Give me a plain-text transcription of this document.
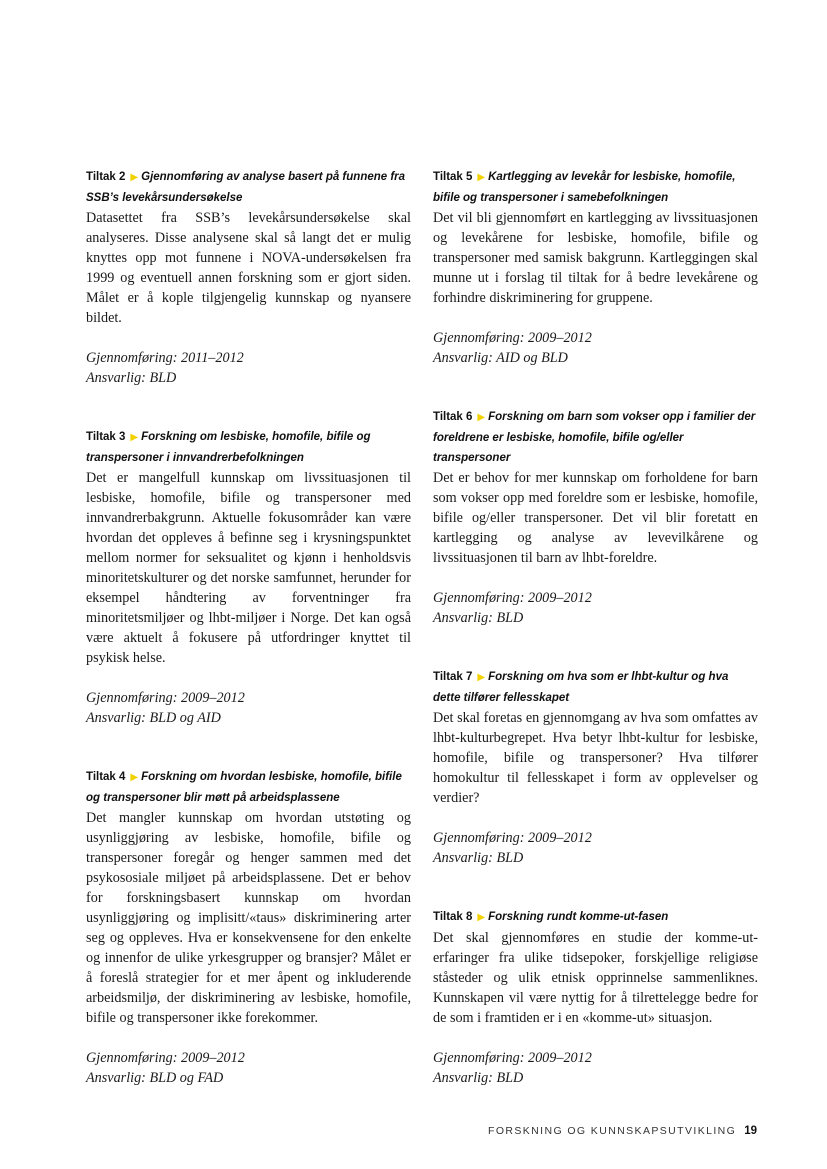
Tiltak 2 ▶ Gjennomføring av analyse basert på funnene fra SSB’s levekårsundersøkelse

Datasettet fra SSB’s levekårsundersøkelse skal analyseres. Disse analysene skal så langt det er mulig knyttes opp mot funnene i NOVA-undersøkelsen fra 1999 og eventuell annen forskning som er gjort siden. Målet er å kople tilgjengelig kunnskap og nyansere bildet.

Gjennomføring: 2011–2012
Ansvarlig: BLD

Tiltak 3 ▶ Forskning om lesbiske, homofile, bifile og transpersoner i innvandrerbefolkningen

Det er mangelfull kunnskap om livssituasjonen til lesbiske, homofile, bifile og transpersoner med innvandrerbakgrunn. Aktuelle fokusområder kan være hvordan det oppleves å befinne seg i krysningspunktet mellom normer for seksualitet og kjønn i henholdsvis minoritetskulturer og det norske samfunnet, herunder for eksempel håndtering av forventninger fra minoritetsmiljøer og lhbt-miljøer i Norge. Det kan også være aktuelt å fokusere på utfordringer knyttet til psykisk helse.

Gjennomføring: 2009–2012
Ansvarlig: BLD og AID

Tiltak 4 ▶ Forskning om hvordan lesbiske, homofile, bifile og transpersoner blir møtt på arbeidsplassene

Det mangler kunnskap om hvordan utstøting og usynliggjøring av lesbiske, homofile, bifile og transpersoner foregår og henger sammen med det psykososiale miljøet på arbeidsplassene. Det er behov for forskningsbasert kunnskap om hvordan usynliggjøring og implisitt/«taus» diskriminering arter seg og oppleves. Hva er konsekvensene for den enkelte og innenfor de ulike yrkesgrupper og bransjer? Målet er å foreslå strategier for et mer åpent og inkluderende arbeidsmiljø, der diskriminering av lesbiske, homofile, bifile og transpersoner ikke forekommer.

Gjennomføring: 2009–2012
Ansvarlig: BLD og FAD

Tiltak 5 ▶ Kartlegging av levekår for lesbiske, homofile, bifile og transpersoner i samebefolkningen

Det vil bli gjennomført en kartlegging av livssituasjonen og levekårene for lesbiske, homofile, bifile og transpersoner med samisk bakgrunn. Kartleggingen skal munne ut i forslag til tiltak for å bedre levekårene og forhindre diskriminering for gruppene.

Gjennomføring: 2009–2012
Ansvarlig: AID og BLD

Tiltak 6 ▶ Forskning om barn som vokser opp i familier der foreldrene er lesbiske, homofile, bifile og/eller transpersoner

Det er behov for mer kunnskap om forholdene for barn som vokser opp med foreldre som er lesbiske, homofile, bifile og/eller transpersoner. Det vil blir foretatt en kartlegging og analyse av levevilkårene og livssituasjonen til barn av lhbt-foreldre.

Gjennomføring: 2009–2012
Ansvarlig: BLD

Tiltak 7 ▶ Forskning om hva som er lhbt-kultur og hva dette tilfører fellesskapet

Det skal foretas en gjennomgang av hva som omfattes av lhbt-kulturbegrepet. Hva betyr lhbt-kultur for lesbiske, homofile, bifile og transpersoner? Hva tilfører homokultur til fellesskapet i form av opplevelser og verdier?

Gjennomføring: 2009–2012
Ansvarlig: BLD

Tiltak 8 ▶ Forskning rundt komme-ut-fasen

Det skal gjennomføres en studie der komme-ut-erfaringer fra ulike tidsepoker, forskjellige religiøse ståsteder og ulik etnisk opprinnelse sammenliknes. Kunnskapen vil være nyttig for å tilrettelegge bedre for de som i framtiden er i en «komme-ut» situasjon.

Gjennomføring: 2009–2012
Ansvarlig: BLD
FORSKNING OG KUNNSKAPSUTVIKLING 19
